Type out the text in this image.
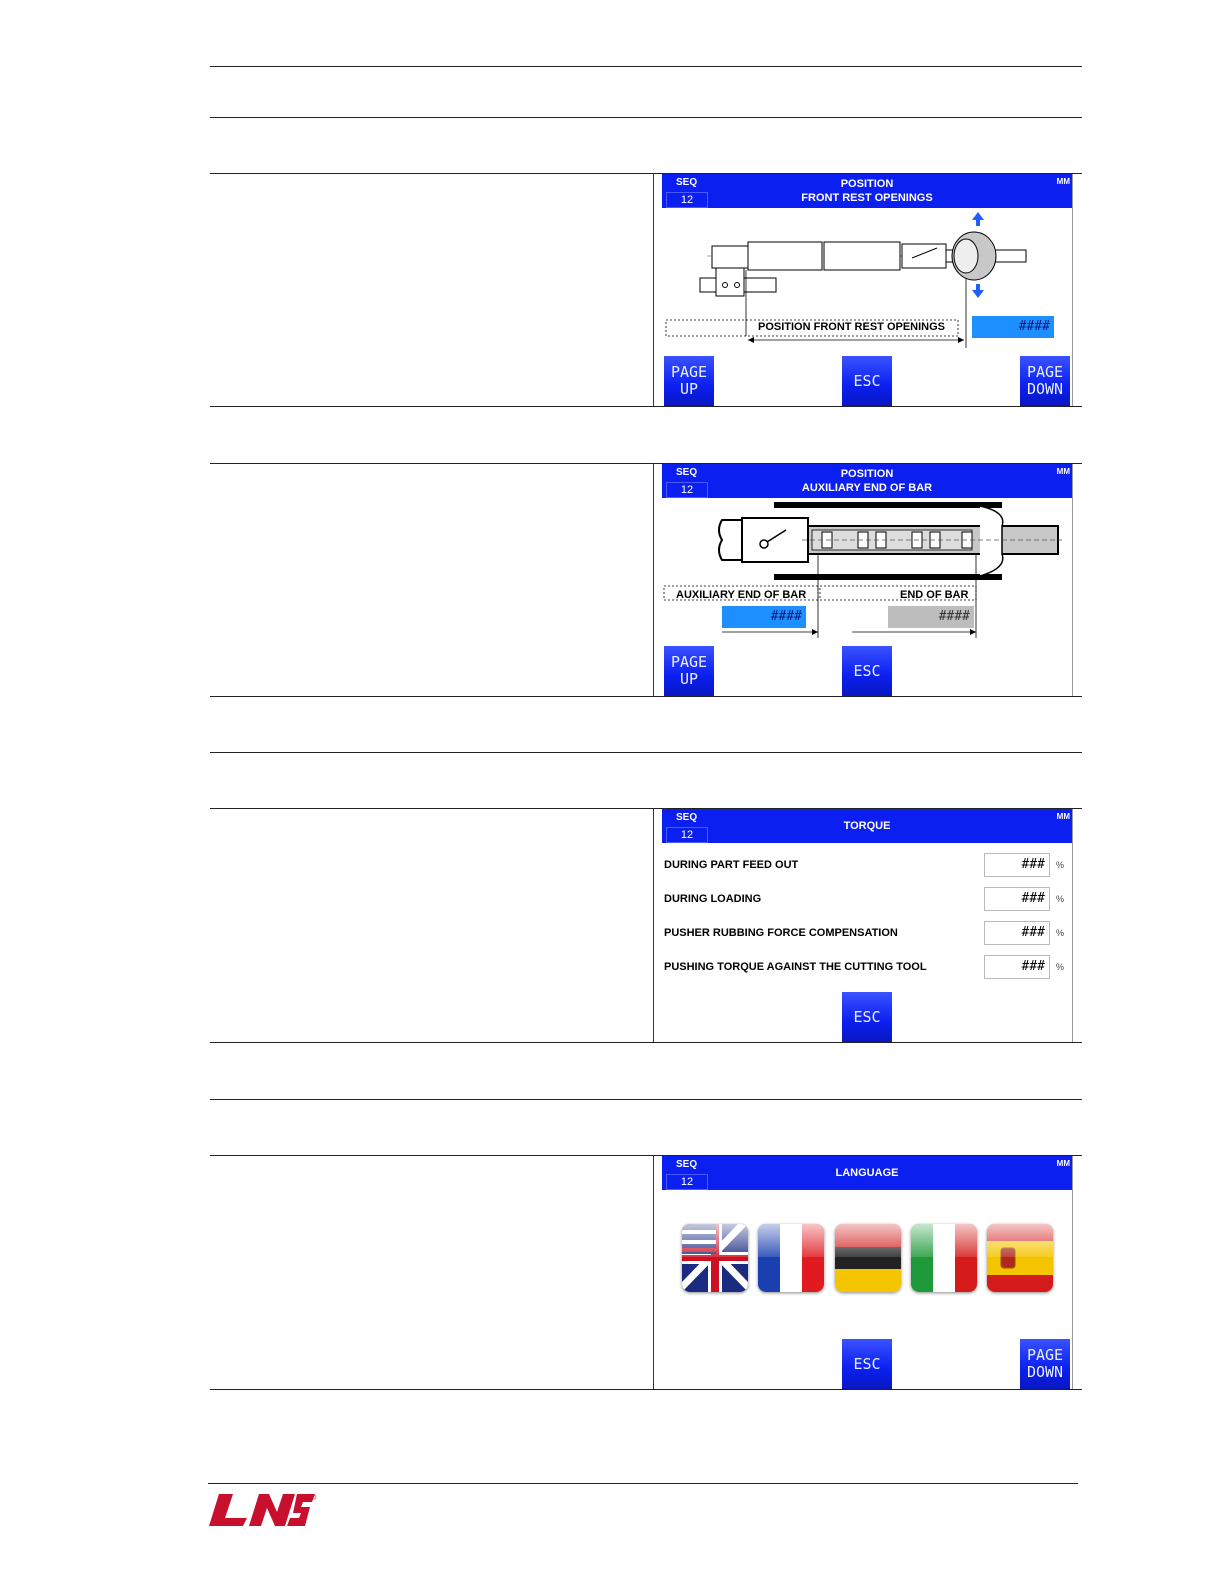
SEQ
12
MM
POSITION
FRONT REST OPENINGS
POSITION FRONT REST OPENINGS	####
PAGE UP	ESC	PAGE DOWN
SEQ
12
MM
POSITION
AUXILIARY END OF BAR
AUXILIARY END OF BAR	END OF BAR
####	####
PAGE UP	ESC
SEQ
12
MM
TORQUE
DURING PART FEED OUT	###	%
DURING LOADING	###	%
PUSHER RUBBING FORCE COMPENSATION	###	%
PUSHING TORQUE AGAINST THE CUTTING TOOL	###	%
ESC
SEQ
12
MM
LANGUAGE
ESC	PAGE DOWN
